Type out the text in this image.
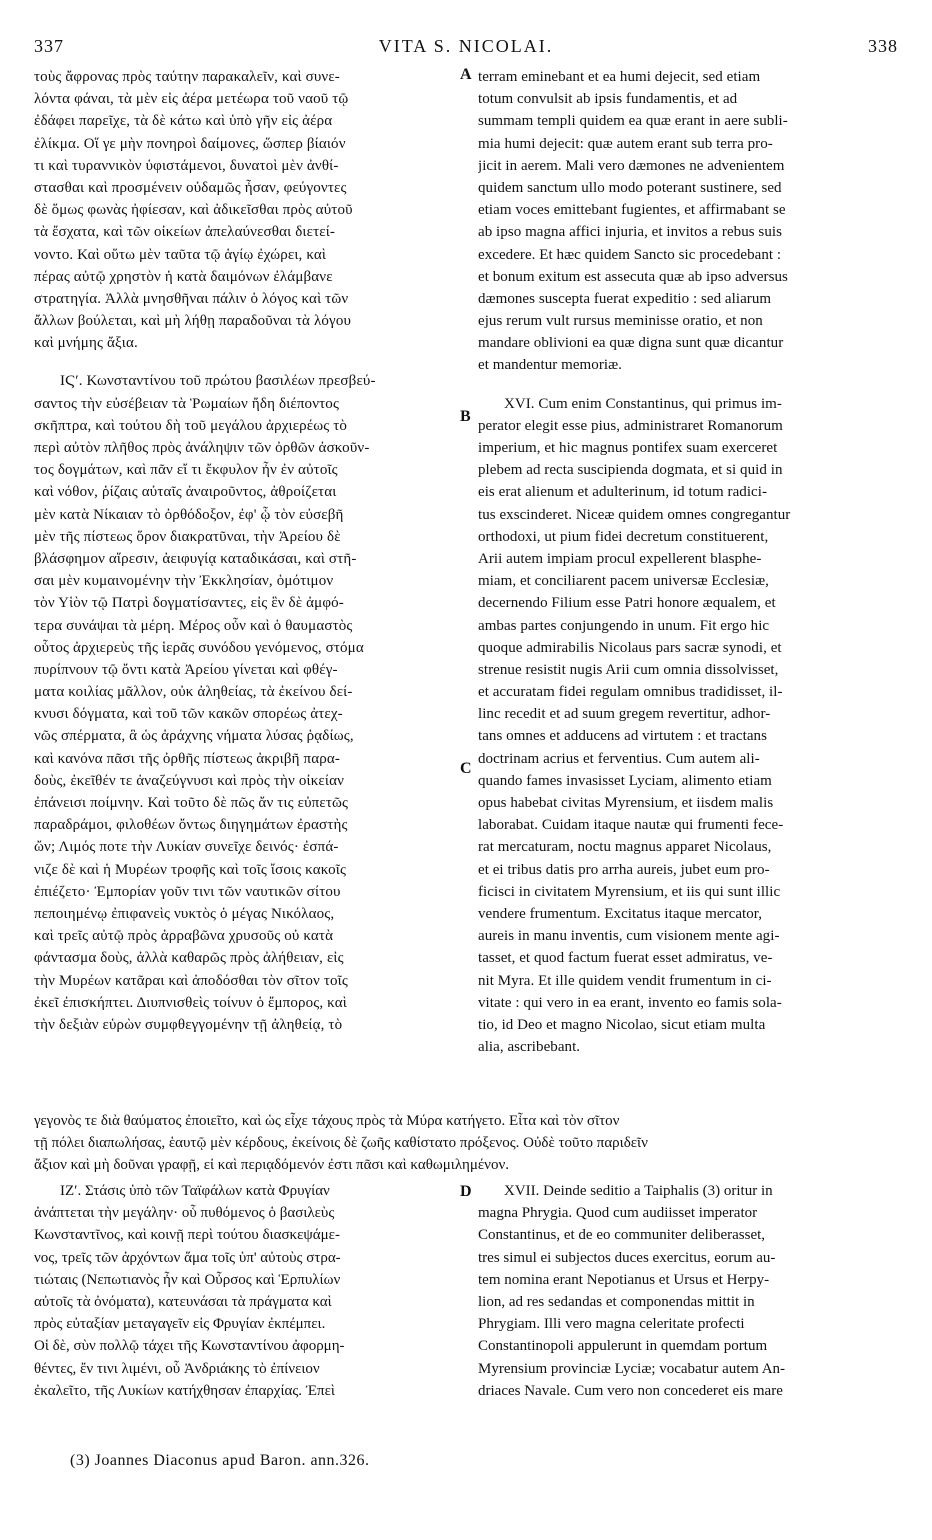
337	VITA S. NICOLAI.	338
τοὺς ἄφρονας πρὸς ταύτην παρακαλεῖν, καὶ συνε-
λόντα φάναι, τὰ μὲν εἰς ἀέρα μετέωρα τοῦ ναοῦ τῷ
ἐδάφει παρεῖχε, τὰ δὲ κάτω καὶ ὑπὸ γῆν εἰς ἀέρα
ἐλίκμα. Οἵ γε μὴν πονηροὶ δαίμονες, ὥσπερ βίαιόν
τι καὶ τυραννικὸν ὑφιστάμενοι, δυνατοὶ μὲν ἀνθί-
στασθαι καὶ προσμένειν οὐδαμῶς ἦσαν, φεύγοντες
δὲ ὅμως φωνὰς ἠφίεσαν, καὶ ἀδικεῖσθαι πρὸς αὐτοῦ
τὰ ἔσχατα, καὶ τῶν οἰκείων ἀπελαύνεσθαι διετεί-
νοντο. Καὶ οὕτω μὲν ταῦτα τῷ ἁγίῳ ἐχώρει, καὶ
πέρας αὐτῷ χρηστὸν ἡ κατὰ δαιμόνων ἐλάμβανε
στρατηγία. Ἀλλὰ μνησθῆναι πάλιν ὁ λόγος καὶ τῶν
ἄλλων βούλεται, καὶ μὴ λήθῃ παραδοῦναι τὰ λόγου
καὶ μνήμης ἄξια.
ΙϚʹ. Κωνσταντίνου τοῦ πρώτου βασιλέων πρεσβεύ-
σαντος τὴν εὐσέβειαν τὰ Ῥωμαίων ἤδη διέποντος
σκῆπτρα, καὶ τούτου δὴ τοῦ μεγάλου ἀρχιερέως τὸ
περὶ αὐτὸν πλῆθος πρὸς ἀνάληψιν τῶν ὀρθῶν ἀσκοῦν-
τος δογμάτων, καὶ πᾶν εἴ τι ἔκφυλον ἦν ἐν αὐτοῖς
καὶ νόθον, ῥίζαις αὐταῖς ἀναιροῦντος, ἀθροίζεται
μὲν κατὰ Νίκαιαν τὸ ὀρθόδοξον, ἐφ' ᾧ τὸν εὐσεβῆ
μὲν τῆς πίστεως ὅρον διακρατῦναι, τὴν Ἀρείου δὲ
βλάσφημον αἵρεσιν, ἀειφυγίᾳ καταδικάσαι, καὶ στῆ-
σαι μὲν κυμαινομένην τὴν Ἐκκλησίαν, ὁμότιμον
τὸν Υἱὸν τῷ Πατρὶ δογματίσαντες, εἰς ἓν δὲ ἀμφό-
τερα συνάψαι τὰ μέρη. Μέρος οὖν καὶ ὁ θαυμαστὸς
οὗτος ἀρχιερεὺς τῆς ἱερᾶς συνόδου γενόμενος, στόμα
πυρίπνουν τῷ ὄντι κατὰ Ἀρείου γίνεται καὶ φθέγ-
ματα κοιλίας μᾶλλον, οὐκ ἀληθείας, τὰ ἐκείνου δεί-
κνυσι δόγματα, καὶ τοῦ τῶν κακῶν σπορέως ἀτεχ-
νῶς σπέρματα, ἃ ὡς ἀράχνης νήματα λύσας ῥᾳδίως,
καὶ κανόνα πᾶσι τῆς ὀρθῆς πίστεως ἀκριβῆ παρα-
δοὺς, ἐκεῖθέν τε ἀναζεύγνυσι καὶ πρὸς τὴν οἰκείαν
ἐπάνεισι ποίμνην. Καὶ τοῦτο δὲ πῶς ἄν τις εὐπετῶς
παραδράμοι, φιλοθέων ὄντως διηγημάτων ἐραστὴς
ὤν; Λιμός ποτε τὴν Λυκίαν συνεῖχε δεινός· ἐσπά-
νιζε δὲ καὶ ἡ Μυρέων τροφῆς καὶ τοῖς ἴσοις κακοῖς
ἐπιέζετο· Ἐμπορίαν γοῦν τινι τῶν ναυτικῶν σίτου
πεποιημένῳ ἐπιφανεὶς νυκτὸς ὁ μέγας Νικόλαος,
καὶ τρεῖς αὐτῷ πρὸς ἀρραβῶνα χρυσοῦς οὐ κατὰ
φάντασμα δοὺς, ἀλλὰ καθαρῶς πρὸς ἀλήθειαν, εἰς
τὴν Μυρέων κατᾶραι καὶ ἀποδόσθαι τὸν σῖτον τοῖς
ἐκεῖ ἐπισκήπτει. Διυπνισθεὶς τοίνυν ὁ ἔμπορος, καὶ
τὴν δεξιὰν εὑρὼν συμφθεγγομένην τῇ ἀληθείᾳ, τὸ
terram eminebant et ea humi dejecit, sed etiam
totum convulsit ab ipsis fundamentis, et ad
summam templi quidem ea quæ erant in aere subli-
mia humi dejecit: quæ autem erant sub terra pro-
jicit in aerem. Mali vero dæmones ne advenientem
quidem sanctum ullo modo poterant sustinere, sed
etiam voces emittebant fugientes, et affirmabant se
ab ipso magna affici injuria, et invitos a rebus suis
excedere. Et hæc quidem Sancto sic procedebant :
et bonum exitum est assecuta quæ ab ipso adversus
dæmones suscepta fuerat expeditio : sed aliarum
ejus rerum vult rursus meminisse oratio, et non
mandare oblivioni ea quæ digna sunt quæ dicantur
et mandentur memoriæ.
XVI. Cum enim Constantinus, qui primus im-
perator elegit esse pius, administraret Romanorum
imperium, et hic magnus pontifex suam exerceret
plebem ad recta suscipienda dogmata, et si quid in
eis erat alienum et adulterinum, id totum radici-
tus exscinderet. Niceæ quidem omnes congregantur
orthodoxi, ut pium fidei decretum constituerent,
Arii autem impiam procul expellerent blasphe-
miam, et conciliarent pacem universæ Ecclesiæ,
decernendo Filium esse Patri honore æqualem, et
ambas partes conjungendo in unum. Fit ergo hic
quoque admirabilis Nicolaus pars sacræ synodi, et
strenue resistit nugis Arii cum omnia dissolvisset,
et accuratam fidei regulam omnibus tradidisset, il-
linc recedit et ad suum gregem revertitur, adhor-
tans omnes et adducens ad virtutem : et tractans
doctrinam acrius et ferventius. Cum autem ali-
quando fames invasisset Lyciam, alimento etiam
opus habebat civitas Myrensium, et iisdem malis
laborabat. Cuidam itaque nautæ qui frumenti fece-
rat mercaturam, noctu magnus apparet Nicolaus,
et ei tribus datis pro arrha aureis, jubet eum pro-
ficisci in civitatem Myrensium, et iis qui sunt illic
vendere frumentum. Excitatus itaque mercator,
aureis in manu inventis, cum visionem mente agi-
tasset, et quod factum fuerat esset admiratus, ve-
nit Myra. Et ille quidem vendit frumentum in ci-
vitate : qui vero in ea erant, invento eo famis sola-
tio, id Deo et magno Nicolao, sicut etiam multa
alia, ascribebant.
A
B
C
D
γεγονὸς τε διὰ θαύματος ἐποιεῖτο, καὶ ὡς εἶχε τάχους πρὸς τὰ Μύρα κατήγετο. Εἶτα καὶ τὸν σῖτον
τῇ πόλει διαπωλήσας, ἑαυτῷ μὲν κέρδους, ἐκείνοις δὲ ζωῆς καθίστατο πρόξενος. Οὐδὲ τοῦτο παριδεῖν
ἄξιον καὶ μὴ δοῦναι γραφῇ, εἰ καὶ περιᾳδόμενόν ἐστι πᾶσι καὶ καθωμιλημένον.
ΙΖʹ. Στάσις ὑπὸ τῶν Ταϊφάλων κατὰ Φρυγίαν
ἀνάπτεται τὴν μεγάλην· οὗ πυθόμενος ὁ βασιλεὺς
Κωνσταντῖνος, καὶ κοινῇ περὶ τούτου διασκεψάμε-
νος, τρεῖς τῶν ἀρχόντων ἅμα τοῖς ὑπ' αὐτοὺς στρα-
τιώταις (Νεπωτιανὸς ἦν καὶ Οὖρσος καὶ Ἑρπυλίων
αὐτοῖς τὰ ὀνόματα), κατευνάσαι τὰ πράγματα καὶ
πρὸς εὐταξίαν μεταγαγεῖν εἰς Φρυγίαν ἐκπέμπει.
Οἱ δὲ, σὺν πολλῷ τάχει τῆς Κωνσταντίνου ἀφορμη-
θέντες, ἔν τινι λιμένι, οὗ Ἀνδριάκης τὸ ἐπίνειον
ἐκαλεῖτο, τῆς Λυκίων κατήχθησαν ἐπαρχίας. Ἐπεὶ
XVII. Deinde seditio a Taiphalis (3) oritur in
magna Phrygia. Quod cum audiisset imperator
Constantinus, et de eo communiter deliberasset,
tres simul ei subjectos duces exercitus, eorum au-
tem nomina erant Nepotianus et Ursus et Herpy-
lion, ad res sedandas et componendas mittit in
Phrygiam. Illi vero magna celeritate profecti
Constantinopoli appulerunt in quemdam portum
Myrensium provinciæ Lyciæ; vocabatur autem An-
driaces Navale. Cum vero non concederet eis mare
(3) Joannes Diaconus apud Baron. ann.326.
